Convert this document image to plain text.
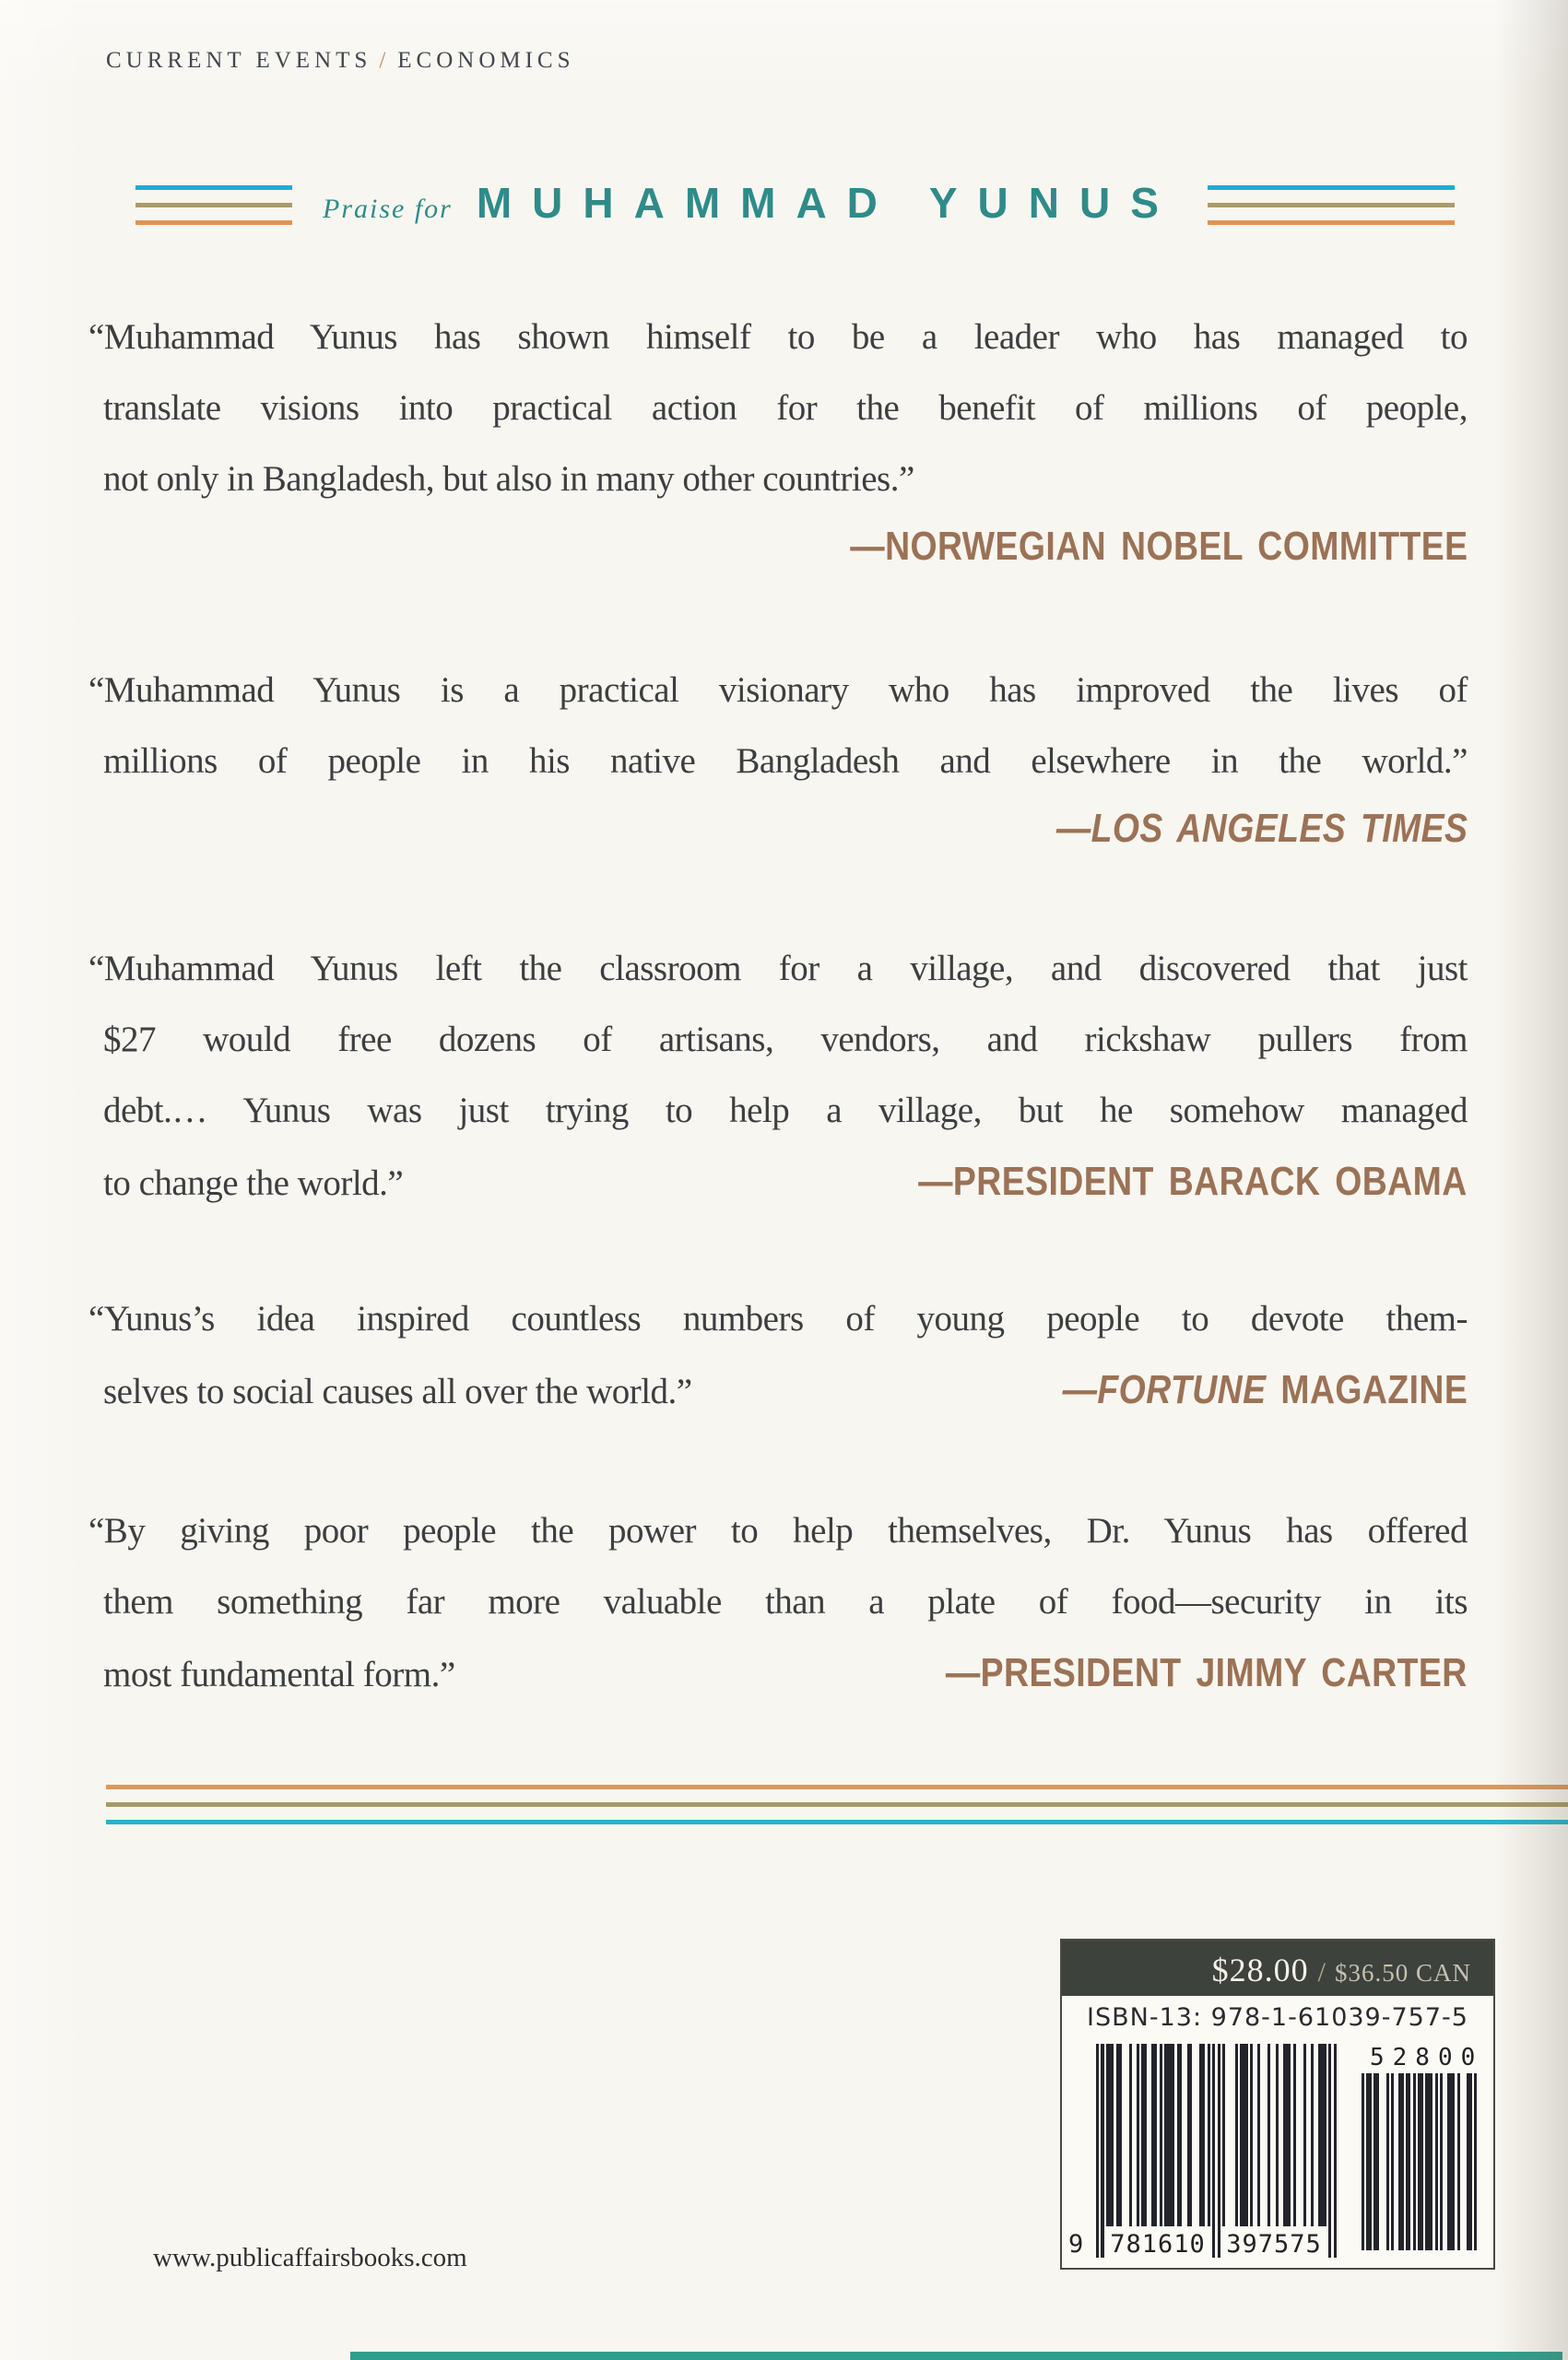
CURRENT EVENTS / ECONOMICS
Praise for MUHAMMAD YUNUS
“Muhammad Yunus has shown himself to be a leader who has managed to
translate visions into practical action for the benefit of millions of people,
not only in Bangladesh, but also in many other countries.”
—NORWEGIAN NOBEL COMMITTEE
“Muhammad Yunus is a practical visionary who has improved the lives of
millions of people in his native Bangladesh and elsewhere in the world.”
—LOS ANGELES TIMES
“Muhammad Yunus left the classroom for a village, and discovered that just
$27 would free dozens of artisans, vendors, and rickshaw pullers from
debt.… Yunus was just trying to help a village, but he somehow managed
to change the world.”	—PRESIDENT BARACK OBAMA
“Yunus’s idea inspired countless numbers of young people to devote them-
selves to social causes all over the world.”	—FORTUNE MAGAZINE
“By giving poor people the power to help themselves, Dr. Yunus has offered
them something far more valuable than a plate of food—security in its
most fundamental form.”	—PRESIDENT JIMMY CARTER
$28.00 / $36.50 CAN
ISBN-13: 978-1-61039-757-5
9 781610 397575
52800
www.publicaffairsbooks.com
